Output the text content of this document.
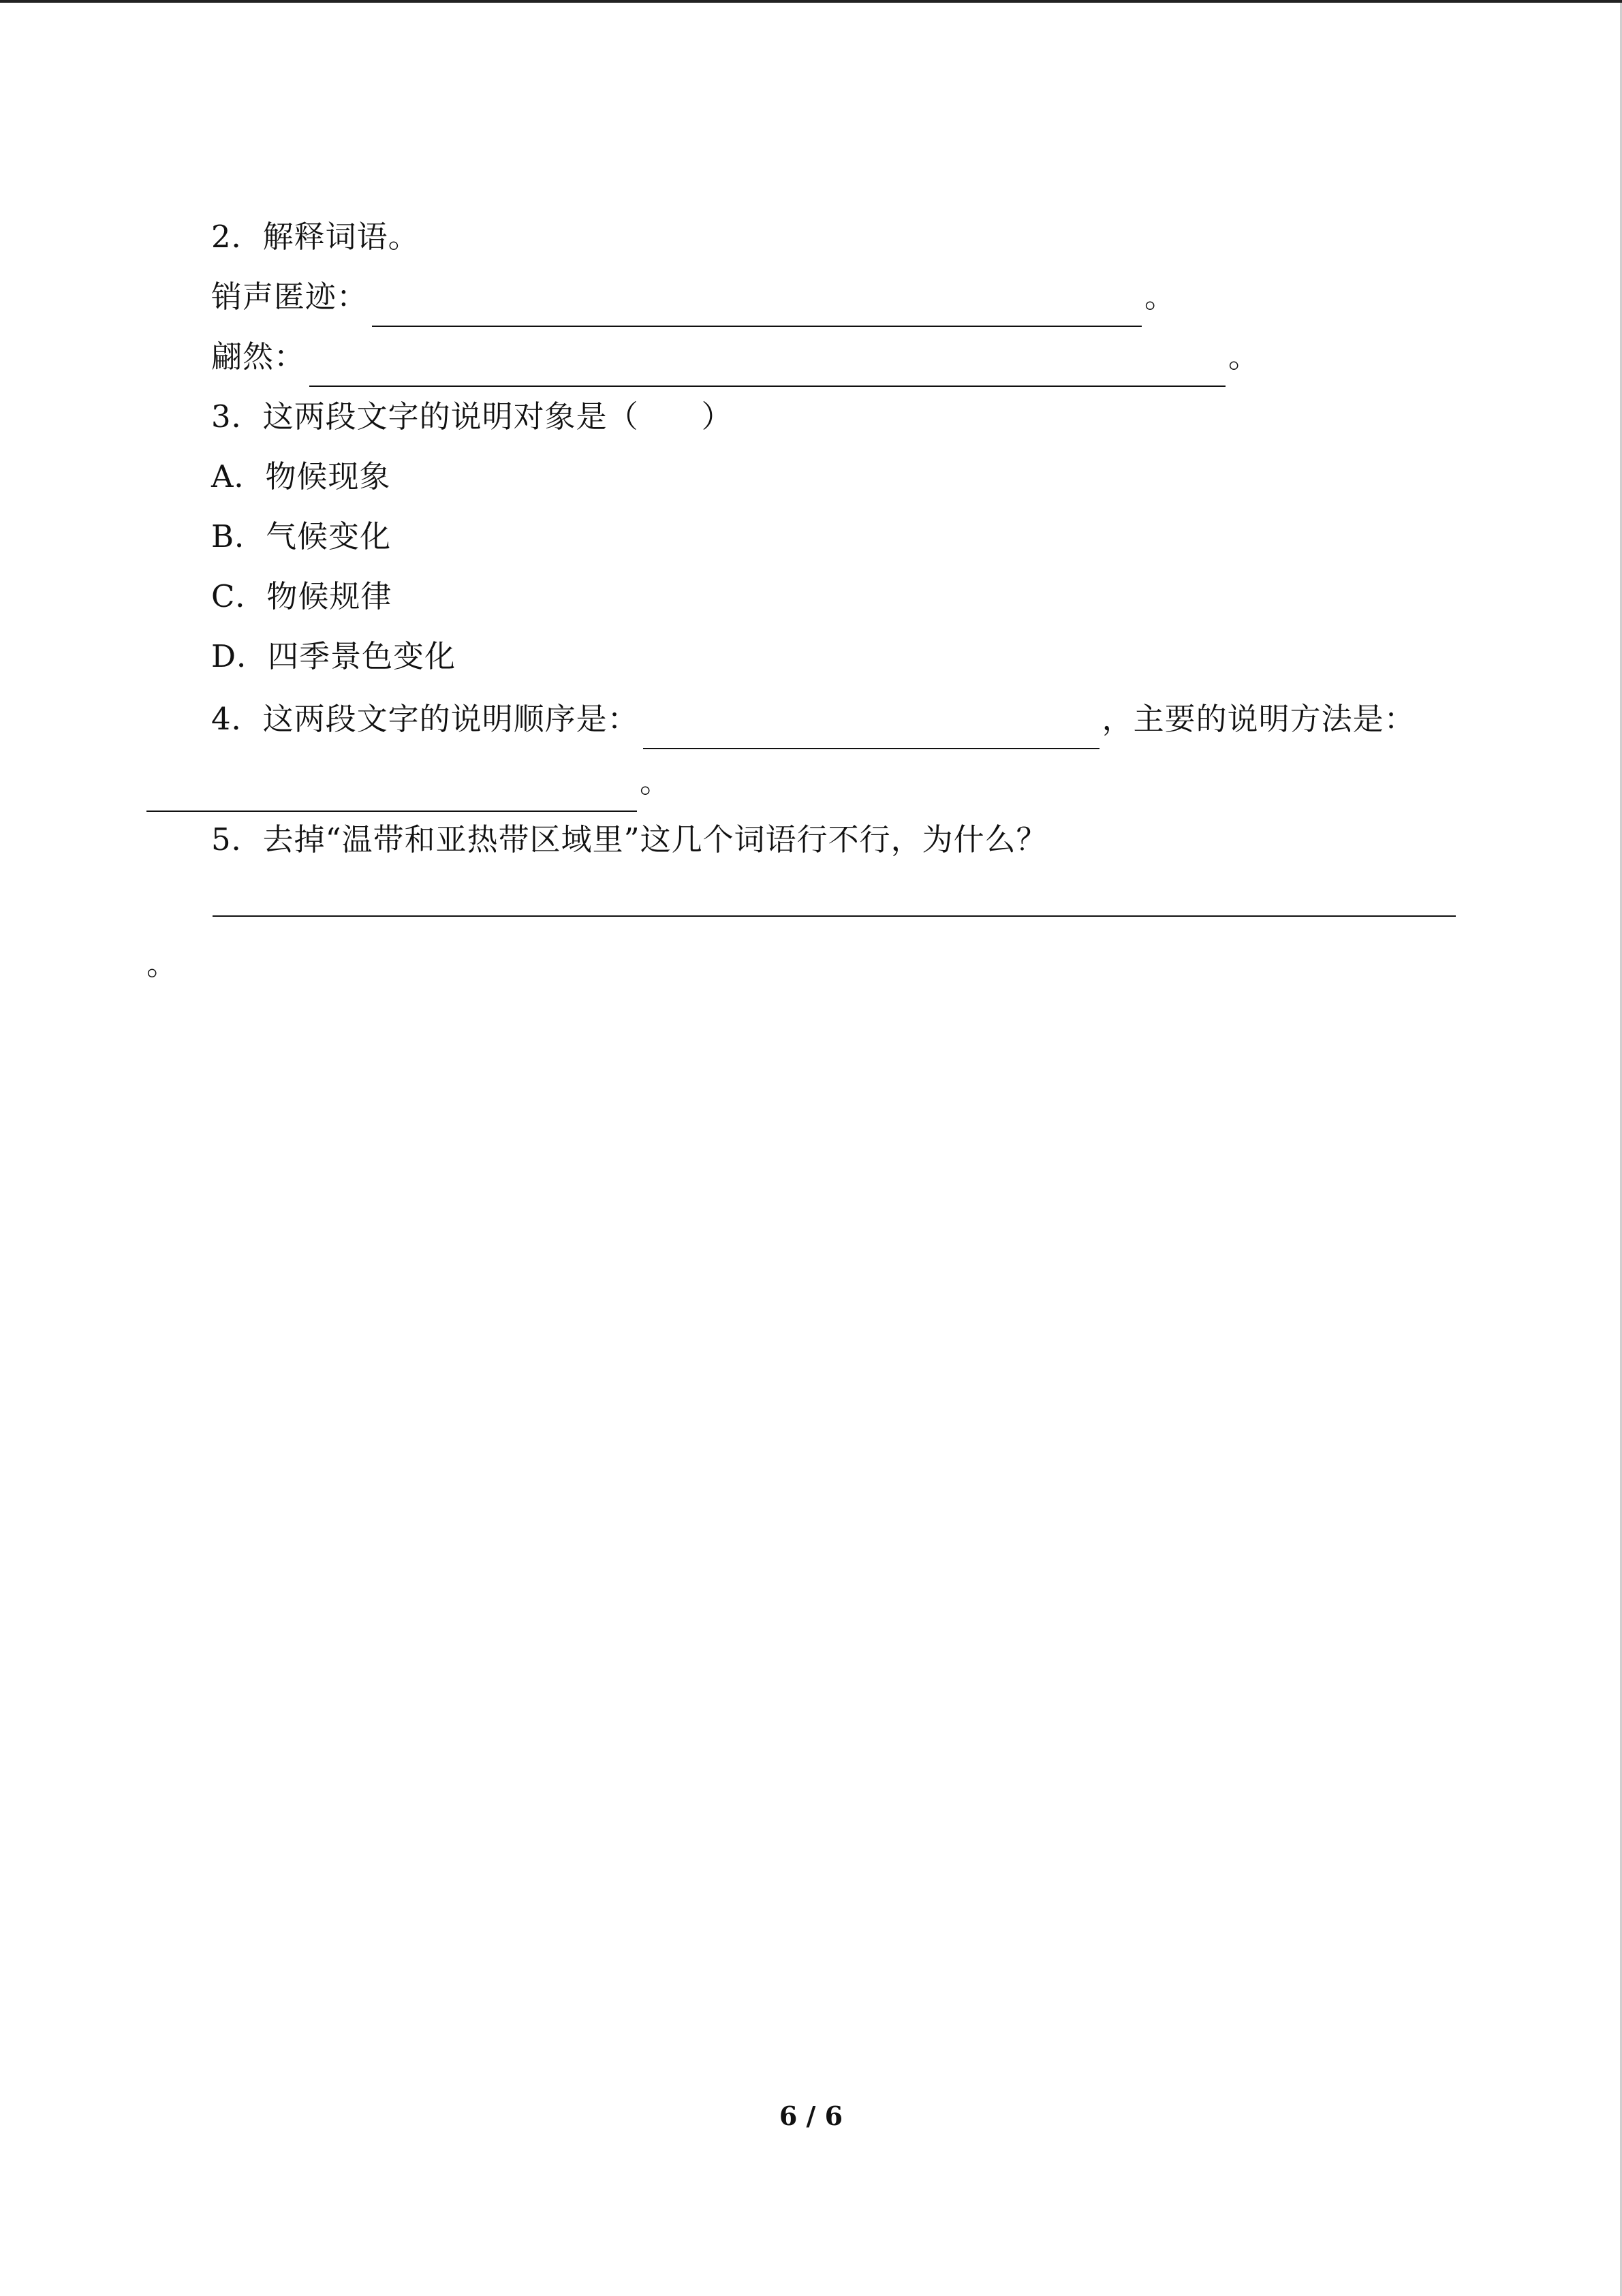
2．解释词语。
销声匿迹：	。
翩然：	。
3．这两段文字的说明对象是（　　）
A．物候现象
B．气候变化
C．物候规律
D．四季景色变化
4．这两段文字的说明顺序是：	，主要的说明方法是：
。
5．去掉“温带和亚热带区域里”这几个词语行不行，为什么？
。
6 / 6
